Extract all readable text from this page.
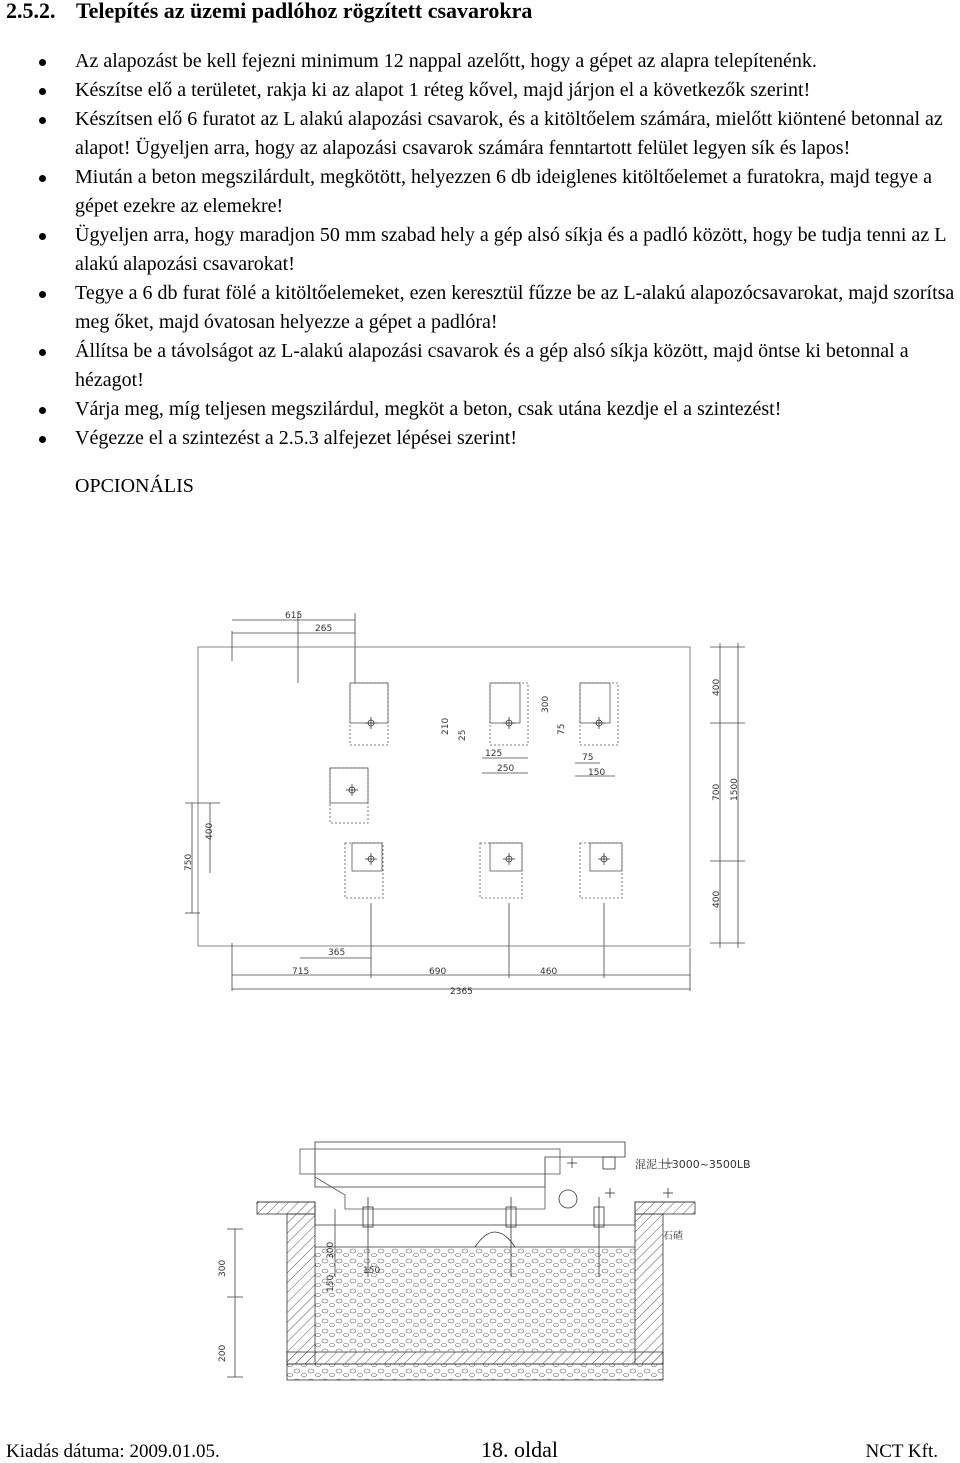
2.5.2. Telepítés az üzemi padlóhoz rögzített csavarokra
Az alapozást be kell fejezni minimum 12 nappal azelőtt, hogy a gépet az alapra telepítenénk.
Készítse elő a területet, rakja ki az alapot 1 réteg kővel, majd járjon el a következők szerint!
Készítsen elő 6 furatot az L alakú alapozási csavarok, és a kitöltőelem számára, mielőtt kiöntené betonnal az alapot! Ügyeljen arra, hogy az alapozási csavarok számára fenntartott felület legyen sík és lapos!
Miután a beton megszilárdult, megkötött, helyezzen 6 db ideiglenes kitöltőelemet a furatokra, majd tegye a gépet ezekre az elemekre!
Ügyeljen arra, hogy maradjon 50 mm szabad hely a gép alsó síkja és a padló között, hogy be tudja tenni az L alakú alapozási csavarokat!
Tegye a 6 db furat fölé a kitöltőelemeket, ezen keresztül fűzze be az L-alakú alapozócsavarokat, majd szorítsa meg őket, majd óvatosan helyezze a gépet a padlóra!
Állítsa be a távolságot az L-alakú alapozási csavarok és a gép alsó síkja között, majd öntse ki betonnal a hézagot!
Várja meg, míg teljesen megszilárdul, megköt a beton, csak utána kezdje el a szintezést!
Végezze el a szintezést a 2.5.3 alfejezet lépései szerint!
OPCIONÁLIS
615
265
210
25
300
75
125
250
75
150
400
700 1500
400
400
750
365
715	690	460
2365
混泥土:3000~3500LB
石碴
300
200
300
150
150
Kiadás dátuma: 2009.01.05.	18. oldal	NCT Kft.
